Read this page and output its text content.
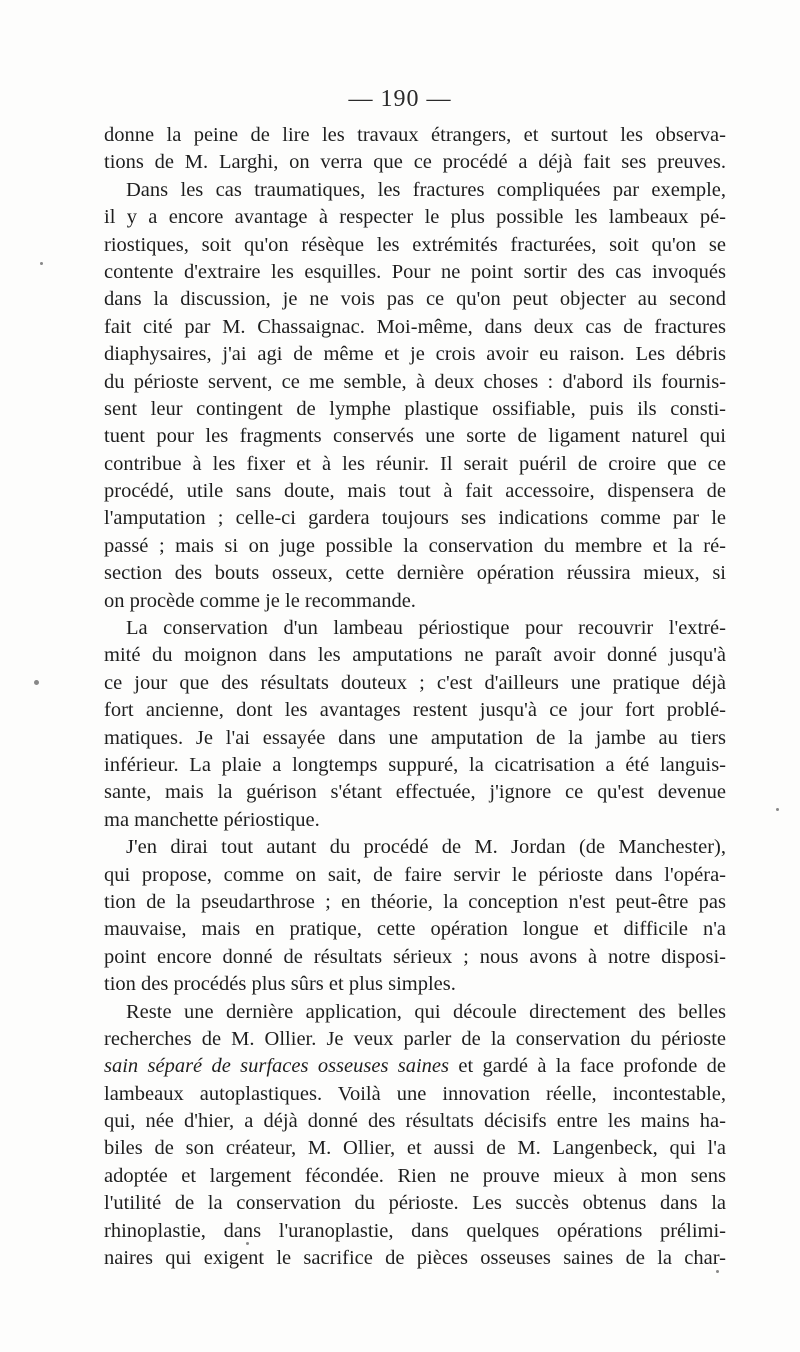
— 190 —
donne la peine de lire les travaux étrangers, et surtout les observa-
tions de M. Larghi, on verra que ce procédé a déjà fait ses preuves.
Dans les cas traumatiques, les fractures compliquées par exemple,
il y a encore avantage à respecter le plus possible les lambeaux pé-
riostiques, soit qu'on résèque les extrémités fracturées, soit qu'on se
contente d'extraire les esquilles. Pour ne point sortir des cas invoqués
dans la discussion, je ne vois pas ce qu'on peut objecter au second
fait cité par M. Chassaignac. Moi-même, dans deux cas de fractures
diaphysaires, j'ai agi de même et je crois avoir eu raison. Les débris
du périoste servent, ce me semble, à deux choses : d'abord ils fournis-
sent leur contingent de lymphe plastique ossifiable, puis ils consti-
tuent pour les fragments conservés une sorte de ligament naturel qui
contribue à les fixer et à les réunir. Il serait puéril de croire que ce
procédé, utile sans doute, mais tout à fait accessoire, dispensera de
l'amputation ; celle-ci gardera toujours ses indications comme par le
passé ; mais si on juge possible la conservation du membre et la ré-
section des bouts osseux, cette dernière opération réussira mieux, si
on procède comme je le recommande.
La conservation d'un lambeau périostique pour recouvrir l'extré-
mité du moignon dans les amputations ne paraît avoir donné jusqu'à
ce jour que des résultats douteux ; c'est d'ailleurs une pratique déjà
fort ancienne, dont les avantages restent jusqu'à ce jour fort problé-
matiques. Je l'ai essayée dans une amputation de la jambe au tiers
inférieur. La plaie a longtemps suppuré, la cicatrisation a été languis-
sante, mais la guérison s'étant effectuée, j'ignore ce qu'est devenue
ma manchette périostique.
J'en dirai tout autant du procédé de M. Jordan (de Manchester),
qui propose, comme on sait, de faire servir le périoste dans l'opéra-
tion de la pseudarthrose ; en théorie, la conception n'est peut-être pas
mauvaise, mais en pratique, cette opération longue et difficile n'a
point encore donné de résultats sérieux ; nous avons à notre disposi-
tion des procédés plus sûrs et plus simples.
Reste une dernière application, qui découle directement des belles
recherches de M. Ollier. Je veux parler de la conservation du périoste
sain séparé de surfaces osseuses saines et gardé à la face profonde de
lambeaux autoplastiques. Voilà une innovation réelle, incontestable,
qui, née d'hier, a déjà donné des résultats décisifs entre les mains ha-
biles de son créateur, M. Ollier, et aussi de M. Langenbeck, qui l'a
adoptée et largement fécondée. Rien ne prouve mieux à mon sens
l'utilité de la conservation du périoste. Les succès obtenus dans la
rhinoplastie, dans l'uranoplastie, dans quelques opérations prélimi-
naires qui exigent le sacrifice de pièces osseuses saines de la char-
